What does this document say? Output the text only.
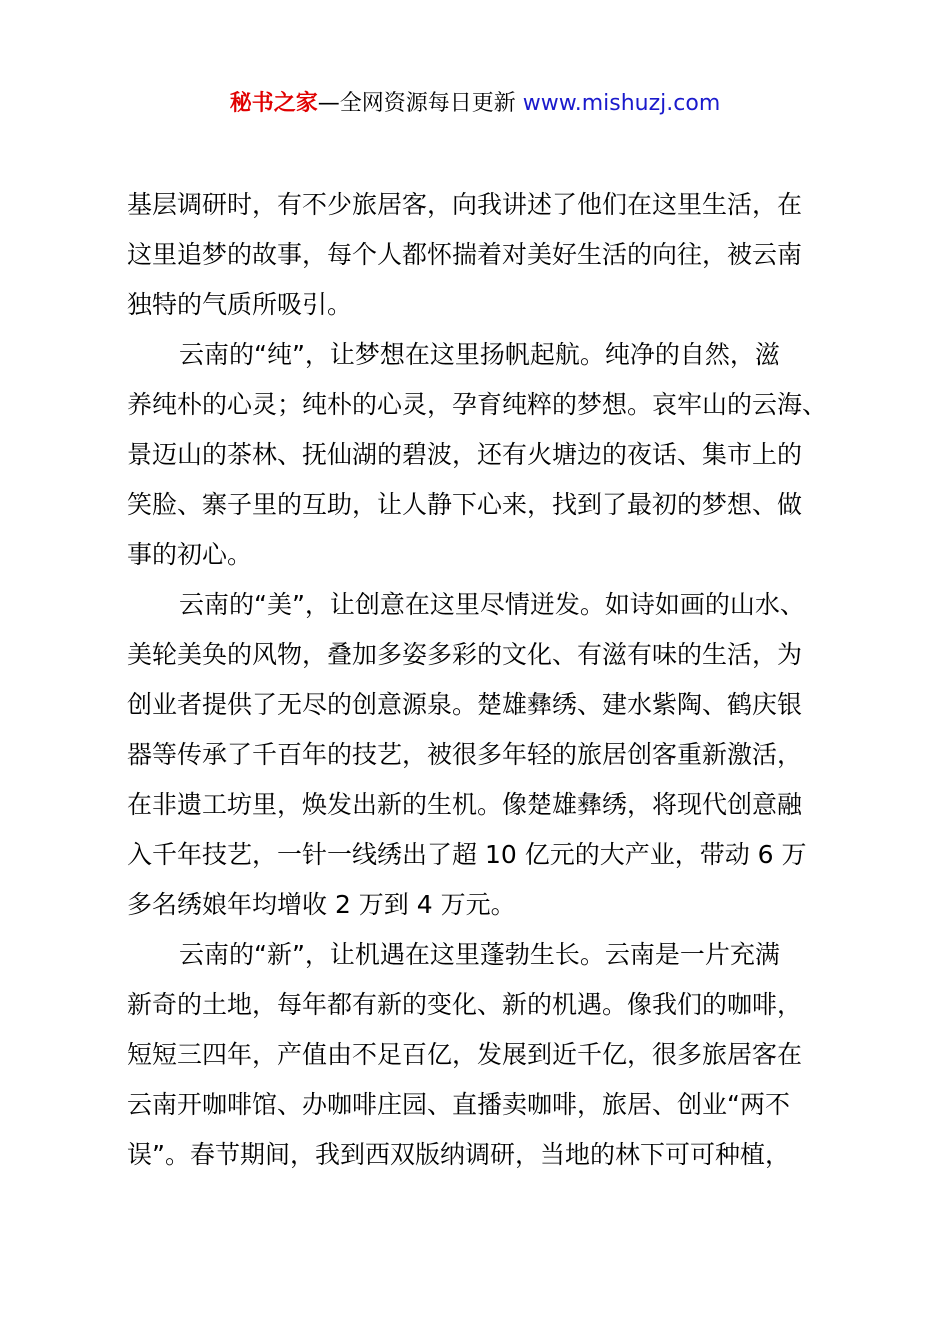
秘书之家—全网资源每日更新 www.mishuzj.com
基层调研时，有不少旅居客，向我讲述了他们在这里生活，在
这里追梦的故事，每个人都怀揣着对美好生活的向往，被云南
独特的气质所吸引。
云南的“纯”，让梦想在这里扬帆起航。纯净的自然，滋
养纯朴的心灵；纯朴的心灵，孕育纯粹的梦想。哀牢山的云海、
景迈山的茶林、抚仙湖的碧波，还有火塘边的夜话、集市上的
笑脸、寨子里的互助，让人静下心来，找到了最初的梦想、做
事的初心。
云南的“美”，让创意在这里尽情迸发。如诗如画的山水、
美轮美奂的风物，叠加多姿多彩的文化、有滋有味的生活，为
创业者提供了无尽的创意源泉。楚雄彝绣、建水紫陶、鹤庆银
器等传承了千百年的技艺，被很多年轻的旅居创客重新激活，
在非遗工坊里，焕发出新的生机。像楚雄彝绣，将现代创意融
入千年技艺，一针一线绣出了超 10 亿元的大产业，带动 6 万
多名绣娘年均增收 2 万到 4 万元。
云南的“新”，让机遇在这里蓬勃生长。云南是一片充满
新奇的土地，每年都有新的变化、新的机遇。像我们的咖啡，
短短三四年，产值由不足百亿，发展到近千亿，很多旅居客在
云南开咖啡馆、办咖啡庄园、直播卖咖啡，旅居、创业“两不
误”。春节期间，我到西双版纳调研，当地的林下可可种植，
